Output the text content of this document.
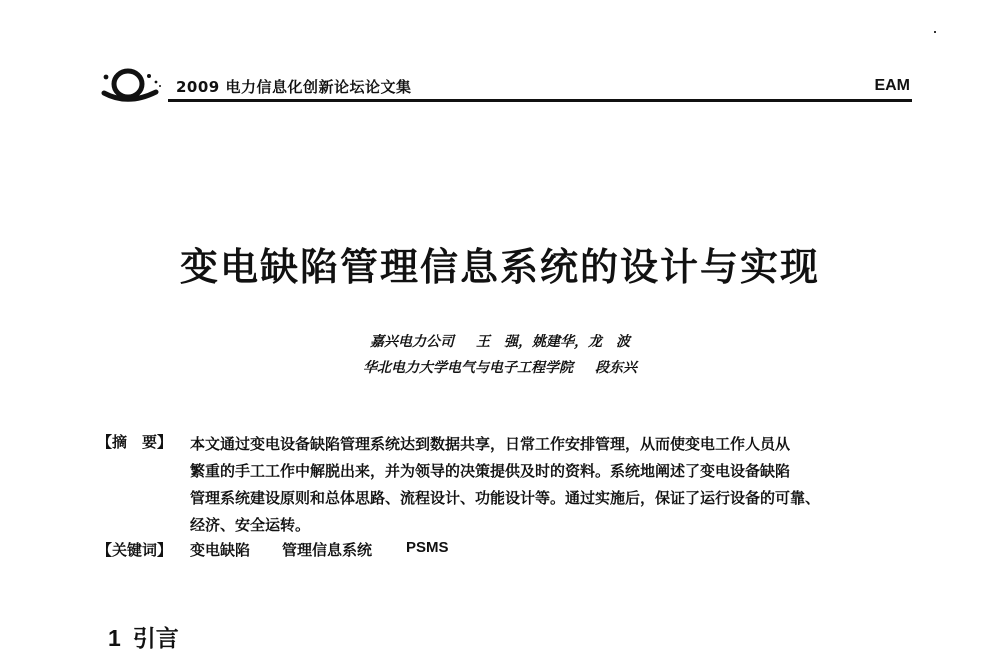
2009 电力信息化创新论坛论文集	EAM
变电缺陷管理信息系统的设计与实现
嘉兴电力公司 王　强，姚建华，龙　波
华北电力大学电气与电子工程学院 段东兴
【摘　要】 本文通过变电设备缺陷管理系统达到数据共享，日常工作安排管理，从而使变电工作人员从
繁重的手工工作中解脱出来，并为领导的决策提供及时的资料。系统地阐述了变电设备缺陷
管理系统建设原则和总体思路、流程设计、功能设计等。通过实施后，保证了运行设备的可靠、
经济、安全运转。
【关键词】 变电缺陷 管理信息系统 PSMS
1 引言
